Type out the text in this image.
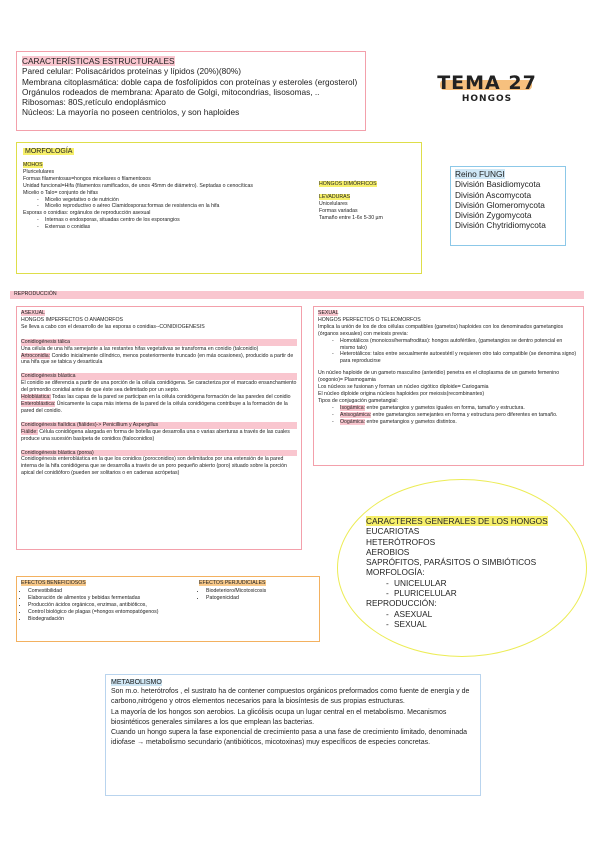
TEMA 27
HONGOS
CARACTERÍSTICAS ESTRUCTURALES
Pared celular: Polisacáridos proteínas y lípidos (20%)(80%)
Membrana citoplasmática: doble capa de fosfolípidos con proteínas y esteroles (ergosterol)
Orgánulos rodeados de membrana: Aparato de Golgi, mitocondrias, lisosomas, ..
Ribosomas: 80S,retículo endoplásmico
Núcleos: La mayoría no poseen centriolos, y son haploides
MORFOLOGÍA
MOHOS
Pluricelulares
Formas filamentosas=hongos miceliares o filamentosos
Unidad funcional=Hifa (filamentos ramificados, de unos 45mm de diámetro). Septadas o cenocíticas
Micelio o Talo= conjunto de hifas
- Micelio vegetativo o de nutrición
- Micelio reproductivo o aéreo Clamidosporas:formas de resistencia en la hifa
Esporas o conidias: orgánulos de reproducción asexual
- Internas o endosporas, situadas centro de los esporangios
- Externas o conidias
HONGOS DIMÓRFICOS
LEVADURAS
Unicelulares
Formas variadas
Tamaño entre 1-6x 5-30 µm
Reino FUNGI
División Basidiomycota
División Ascomycota
División Glomeromycota
División Zygomycota
División Chytridiomycota
REPRODUCCIÓN
ASEXUAL
HONGOS IMPERFECTOS O ANAMORFOS
Se lleva a cabo con el desarrollo de las esporas o conidias--CONIDIOGENESIS
Conidiogénesis tálica
Una célula de una hifa semejante a las restantes hifas vegetativas se transforma en conidio (talconidio)
Artroconidia: Conidio inicialmente cilíndrico, menos posteriormente truncado (en más ocasiones), producido a partir de una hifa que se tabica y desarticula
Conidiogénesis blástica
El conidio se diferencia a partir de una porción de la célula conidiógena. Se caracteriza por el marcado ensanchamiento del primordio conidial antes de que éste sea delimitado por un septo.
Holoblástica: Todas las capas de la pared se participan en la célula conidiógena formación de las paredes del conidio
Enteroblástica: Únicamente la capa más interna de la pared de la célula conidiógena contribuye a la formación de la pared del conidio.
Conidiogénesis fialídica (fiálides)-> Penicillium y Aspergillus
Fiálide: Célula conidiógena alargada en forma de botella que desarrolla una o varias aberturas a través de las cuales produce una sucesión basípeta de conidios (fialoconidios)
Conidiogénesis blástica (poroa)
Conidiogénesis enteroblástica en la que los conidios (poroconidios) son delimitados por una extensión de la pared interna de la hifa conidiógena que se desarrolla a través de un poro pequeño abierto (poro) situado sobre la porción apical del conidióforo (pueden ser solitarios o en cadenas acrópetas)
SEXUAL
HONGOS PERFECTOS O TELEOMORFOS
Implica la unión de los de dos células compatibles (gametos) haploides con los denominados gametangios (órganos sexuales) con meiosis previa:
- Homotálicos (monoicos/hermafroditas): hongos autofértiles, (gametangios se dentro potencial en mismo talo)
- Heterotálicos: talos entre sexualmente autoestéril y requieren otro talo compatible (se denomina signo) para reproducirse
Un núcleo haploide de un gameto masculino (anteridio) penetra en el citoplasma de un gameto femenino (oogonio)= Plasmogamia
Los núcleos se fusionan y forman un núcleo cigótico diploide= Cariogamia
El núcleo diploide origina núcleos haploides por meiosis(recombinantes)
Tipos de conjugación gametangial:
- Isogámica: entre gametangios y gametos iguales en forma, tamaño y estructura.
- Anisogámica: entre gametangios semejantes en forma y estructura pero diferentes en tamaño.
- Oogámica: entre gametangios y gametos distintos.
CARACTERES GENERALES DE LOS HONGOS
EUCARIOTAS
HETERÓTROFOS
AEROBIOS
SAPRÓFITOS, PARÁSITOS O SIMBIÓTICOS
MORFOLOGÍA:
- UNICELULAR
- PLURICELULAR
REPRODUCCIÓN:
- ASEXUAL
- SEXUAL
EFECTOS BENEFICIOSOS
• Comestibilidad
• Elaboración de alimentos y bebidas fermentadas
• Producción ácidos orgánicos, enzimas, antibióticos,
• Control biológico de plagas (=hongos entomopatógenos)
• Biodegradación
EFECTOS PERJUDICIALES
• Biodeterioro/Micotoxicosis
• Patogenicidad
METABOLISMO

Son m.o. heterótrofos , el sustrato ha de contener compuestos orgánicos preformados como fuente de energía y de carbono,nitrógeno y otros elementos necesarios para la biosíntesis de sus propias estructuras.

La mayoría de los hongos son aerobios. La glicólisis ocupa un lugar central en el metabolismo. Mecanismos biosintéticos generales similares a los que emplean las bacterias.

Cuando un hongo supera la fase exponencial de crecimiento pasa a una fase de crecimiento limitado, denominada idiofase → metabolismo secundario (antibióticos, micotoxinas) muy específicos de especies concretas.
